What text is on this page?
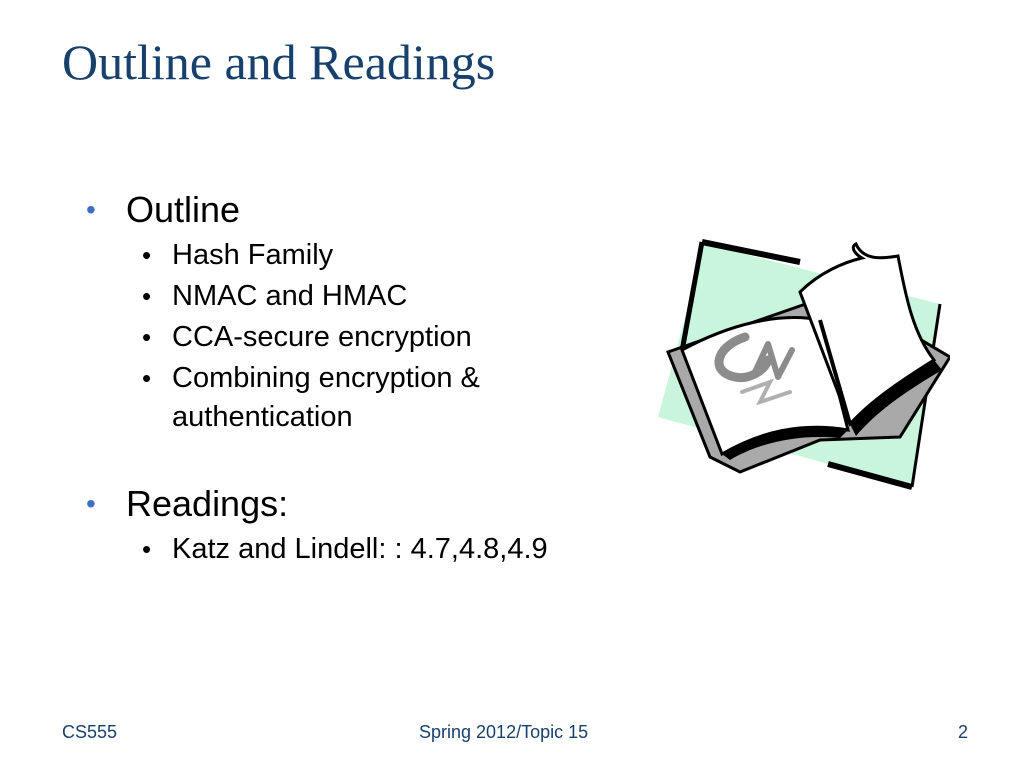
Outline and Readings
• Outline
• Hash Family
• NMAC and HMAC
• CCA-secure encryption
• Combining encryption &
authentication
• Readings:
• Katz and Lindell: : 4.7,4.8,4.9
CS555	Spring 2012/Topic 15	2
